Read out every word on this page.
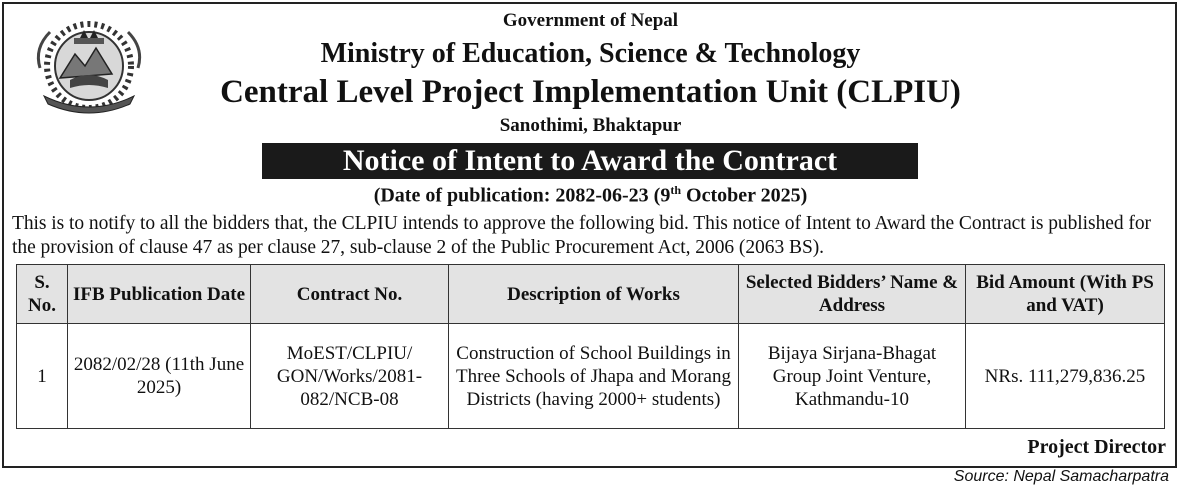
Government of Nepal
Ministry of Education, Science & Technology
Central Level Project Implementation Unit (CLPIU)
Sanothimi, Bhaktapur
Notice of Intent to Award the Contract
(Date of publication: 2082-06-23 (9th October 2025)
This is to notify to all the bidders that, the CLPIU intends to approve the following bid. This notice of Intent to Award the Contract is published for the provision of clause 47 as per clause 27, sub-clause 2 of the Public Procurement Act, 2006 (2063 BS).
S. No.	IFB Publication Date	Contract No.	Description of Works	Selected Bidders’ Name & Address	Bid Amount (With PS and VAT)
1	2082/02/28 (11th June 2025)	MoEST/CLPIU/ GON/Works/2081-082/NCB-08	Construction of School Buildings in Three Schools of Jhapa and Morang Districts (having 2000+ students)	Bijaya Sirjana-Bhagat Group Joint Venture, Kathmandu-10	NRs. 111,279,836.25
Project Director
Source: Nepal Samacharpatra
